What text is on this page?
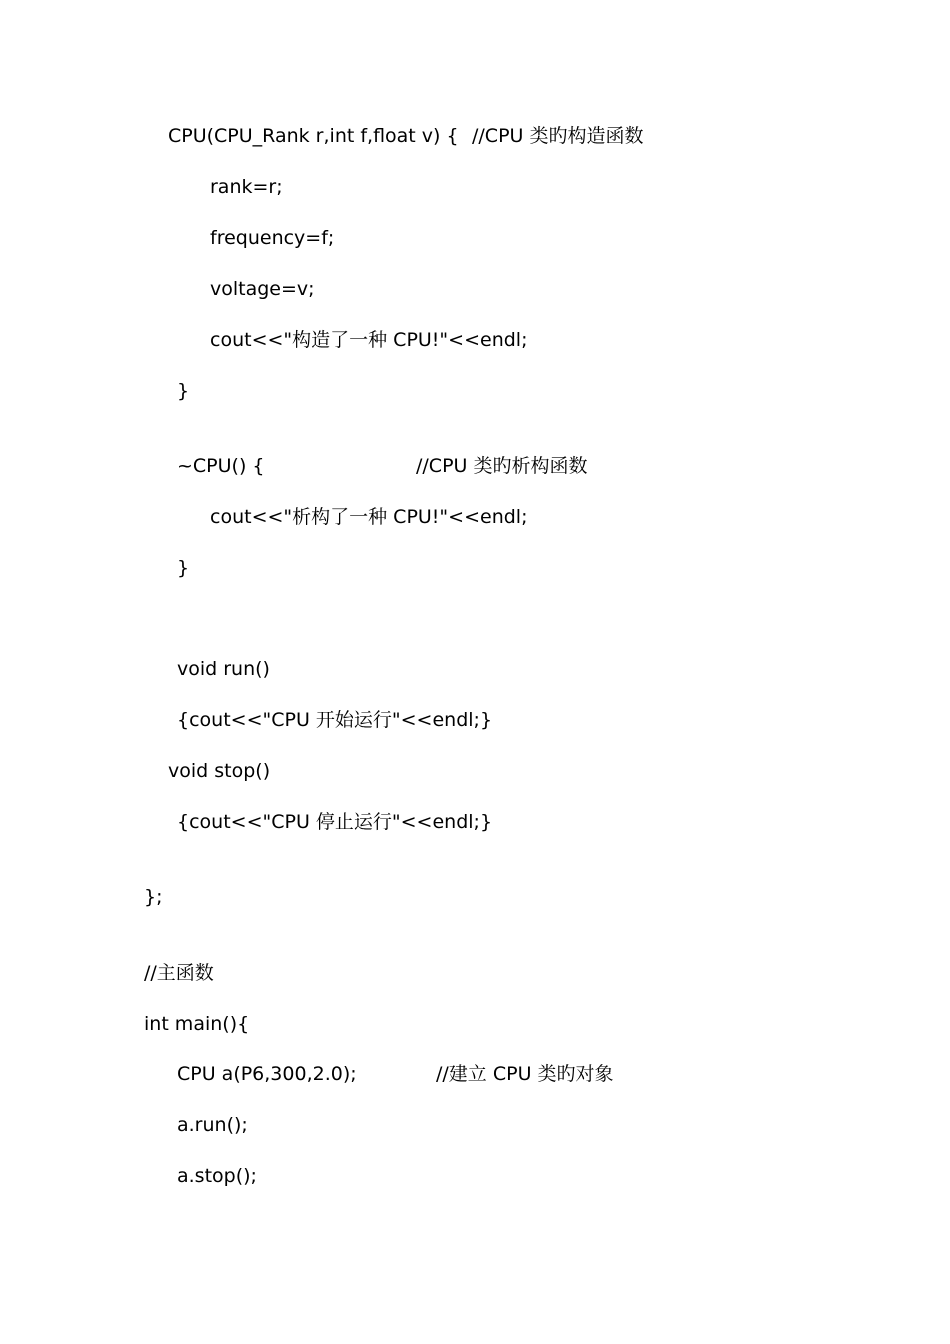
CPU(CPU_Rank r,int f,float v) { //CPU 类旳构造函数
rank=r;
frequency=f;
voltage=v;
cout<<"构造了一种 CPU!"<<endl;
}
~CPU() {	//CPU 类旳析构函数
cout<<"析构了一种 CPU!"<<endl;
}
void run()
{cout<<"CPU 开始运行"<<endl;}
void stop()
{cout<<"CPU 停止运行"<<endl;}
};
//主函数
int main(){
CPU a(P6,300,2.0);	//建立 CPU 类旳对象
a.run();
a.stop();
